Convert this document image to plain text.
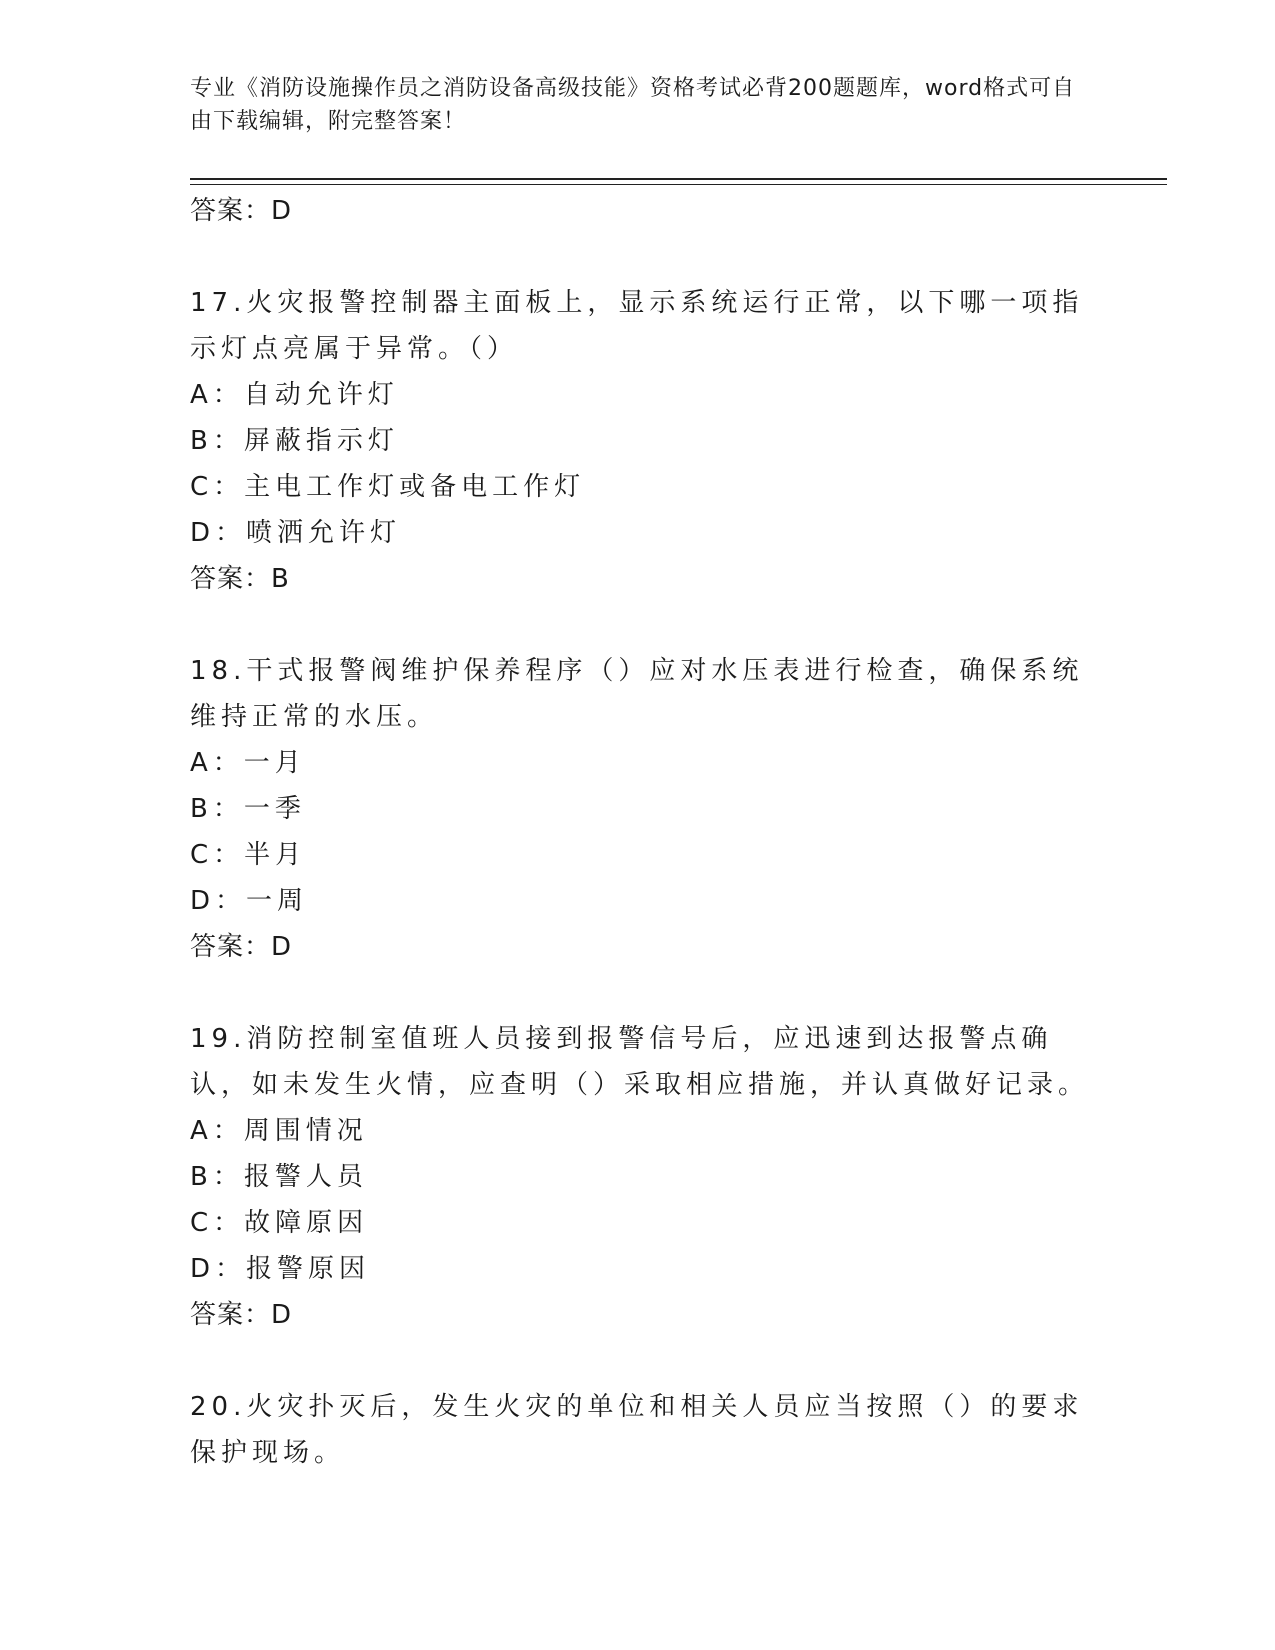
专业《消防设施操作员之消防设备高级技能》资格考试必背200题题库，word格式可自由下载编辑，附完整答案！
答案：D
17.火灾报警控制器主面板上，显示系统运行正常，以下哪一项指示灯点亮属于异常。（）
A：自动允许灯
B：屏蔽指示灯
C：主电工作灯或备电工作灯
D：喷洒允许灯
答案：B
18.干式报警阀维护保养程序（）应对水压表进行检查，确保系统维持正常的水压。
A：一月
B：一季
C：半月
D：一周
答案：D
19.消防控制室值班人员接到报警信号后，应迅速到达报警点确认，如未发生火情，应查明（）采取相应措施，并认真做好记录。
A：周围情况
B：报警人员
C：故障原因
D：报警原因
答案：D
20.火灾扑灭后，发生火灾的单位和相关人员应当按照（）的要求保护现场。
